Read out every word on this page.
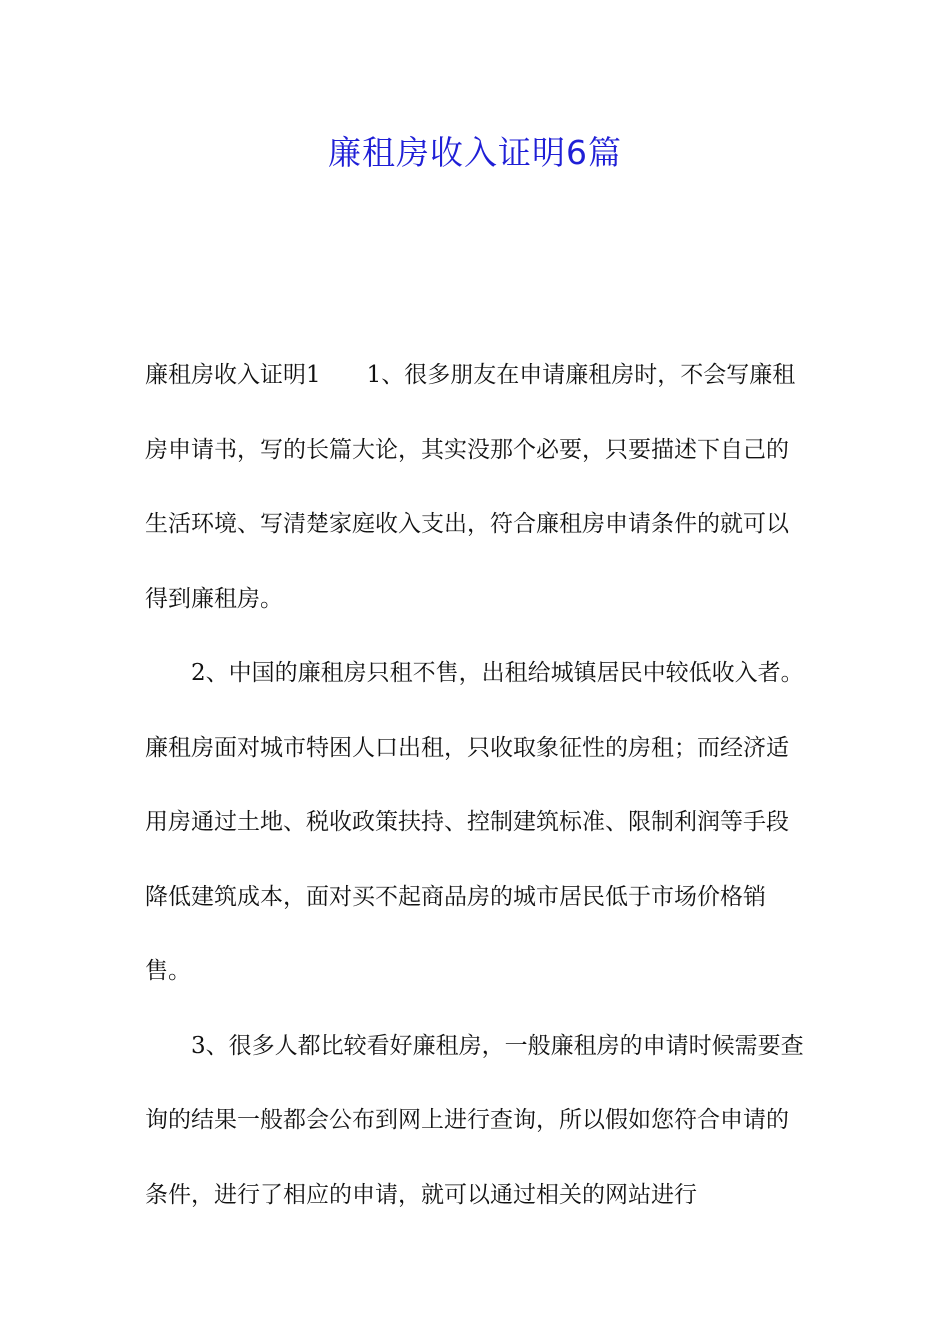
廉租房收入证明6篇

廉租房收入证明1 1、很多朋友在申请廉租房时，不会写廉租房申请书，写的长篇大论，其实没那个必要，只要描述下自己的生活环境、写清楚家庭收入支出，符合廉租房申请条件的就可以得到廉租房。

2、中国的廉租房只租不售，出租给城镇居民中较低收入者。廉租房面对城市特困人口出租，只收取象征性的房租；而经济适用房通过土地、税收政策扶持、控制建筑标准、限制利润等手段降低建筑成本，面对买不起商品房的城市居民低于市场价格销售。

3、很多人都比较看好廉租房，一般廉租房的申请时候需要查询的结果一般都会公布到网上进行查询，所以假如您符合申请的条件，进行了相应的申请，就可以通过相关的网站进行
